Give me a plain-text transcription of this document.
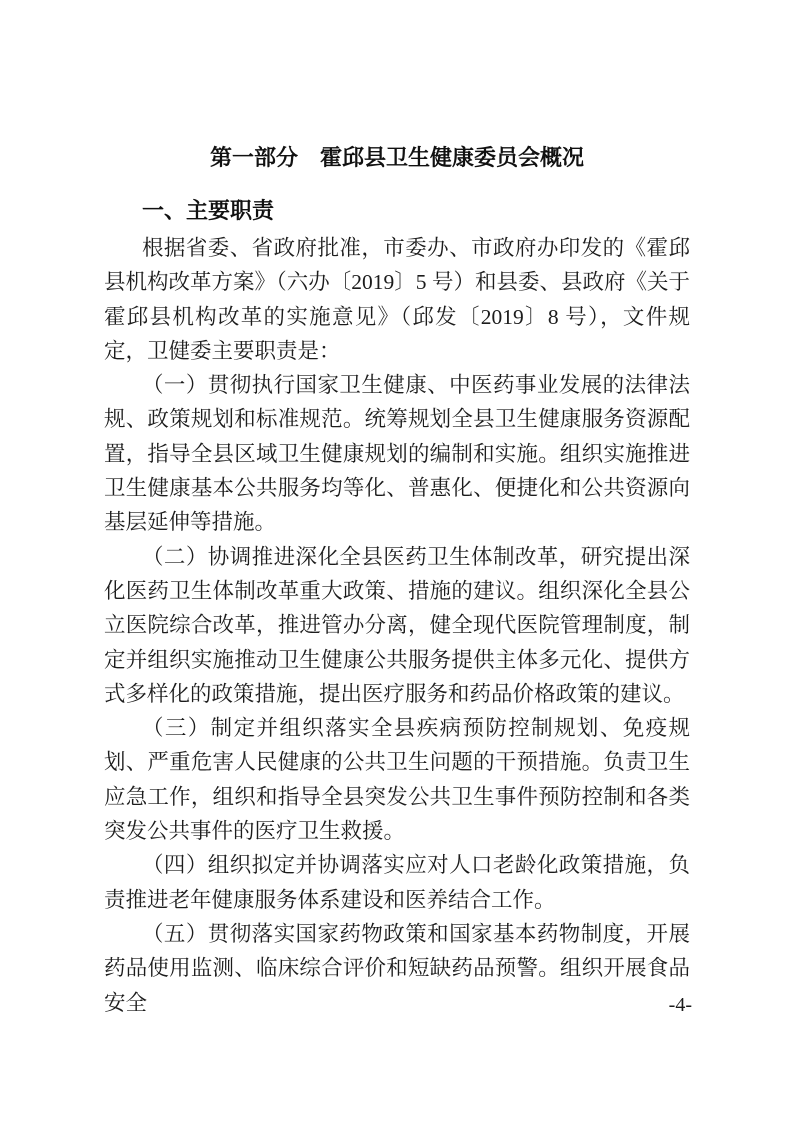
第一部分　霍邱县卫生健康委员会概况
一、主要职责

根据省委、省政府批准，市委办、市政府办印发的《霍邱县机构改革方案》（六办〔2019〕5 号）和县委、县政府《关于霍邱县机构改革的实施意见》（邱发〔2019〕8 号），文件规定，卫健委主要职责是：

（一）贯彻执行国家卫生健康、中医药事业发展的法律法规、政策规划和标准规范。统筹规划全县卫生健康服务资源配置，指导全县区域卫生健康规划的编制和实施。组织实施推进卫生健康基本公共服务均等化、普惠化、便捷化和公共资源向基层延伸等措施。

（二）协调推进深化全县医药卫生体制改革，研究提出深化医药卫生体制改革重大政策、措施的建议。组织深化全县公立医院综合改革，推进管办分离，健全现代医院管理制度，制定并组织实施推动卫生健康公共服务提供主体多元化、提供方式多样化的政策措施，提出医疗服务和药品价格政策的建议。

（三）制定并组织落实全县疾病预防控制规划、免疫规划、严重危害人民健康的公共卫生问题的干预措施。负责卫生应急工作，组织和指导全县突发公共卫生事件预防控制和各类突发公共事件的医疗卫生救援。

（四）组织拟定并协调落实应对人口老龄化政策措施，负责推进老年健康服务体系建设和医养结合工作。

（五）贯彻落实国家药物政策和国家基本药物制度，开展药品使用监测、临床综合评价和短缺药品预警。组织开展食品安全	-4-
